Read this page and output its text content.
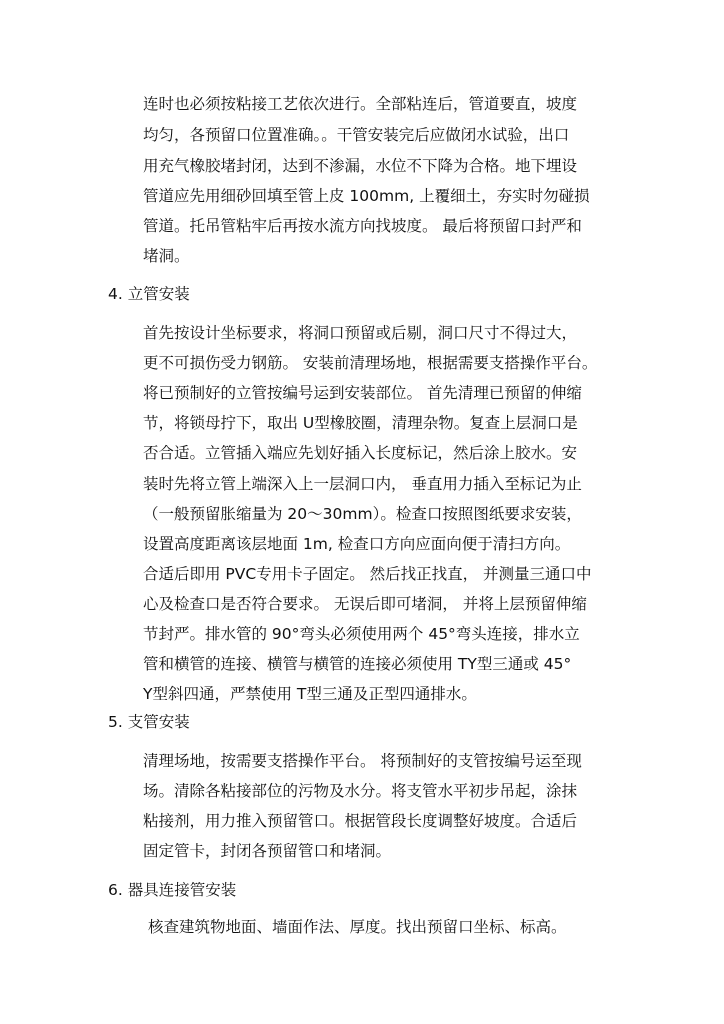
连时也必须按粘接工艺依次进行。全部粘连后，管道要直，坡度

均匀，各预留口位置准确。。干管安装完后应做闭水试验，出口

用充气橡胶堵封闭，达到不渗漏，水位不下降为合格。地下埋设

管道应先用细砂回填至管上皮 100mm, 上覆细土，夯实时勿碰损

管道。托吊管粘牢后再按水流方向找坡度。 最后将预留口封严和

堵洞。

4. 立管安装

首先按设计坐标要求，将洞口预留或后剔，洞口尺寸不得过大，

更不可损伤受力钢筋。 安装前清理场地，根据需要支搭操作平台。

将已预制好的立管按编号运到安装部位。 首先清理已预留的伸缩

节，将锁母拧下，取出 U型橡胶圈，清理杂物。复查上层洞口是

否合适。立管插入端应先划好插入长度标记，然后涂上胶水。安

装时先将立管上端深入上一层洞口内， 垂直用力插入至标记为止

（一般预留胀缩量为 20～30mm）。检查口按照图纸要求安装，

设置高度距离该层地面 1m, 检查口方向应面向便于清扫方向。

合适后即用 PVC专用卡子固定。 然后找正找直， 并测量三通口中

心及检查口是否符合要求。 无误后即可堵洞， 并将上层预留伸缩

节封严。排水管的 90°弯头必须使用两个 45°弯头连接，排水立

管和横管的连接、横管与横管的连接必须使用 TY型三通或 45°

Y型斜四通，严禁使用 T型三通及正型四通排水。

5. 支管安装

清理场地，按需要支搭操作平台。 将预制好的支管按编号运至现

场。清除各粘接部位的污物及水分。将支管水平初步吊起，涂抹

粘接剂，用力推入预留管口。根据管段长度调整好坡度。合适后

固定管卡，封闭各预留管口和堵洞。

6. 器具连接管安装

核查建筑物地面、墙面作法、厚度。找出预留口坐标、标高。
